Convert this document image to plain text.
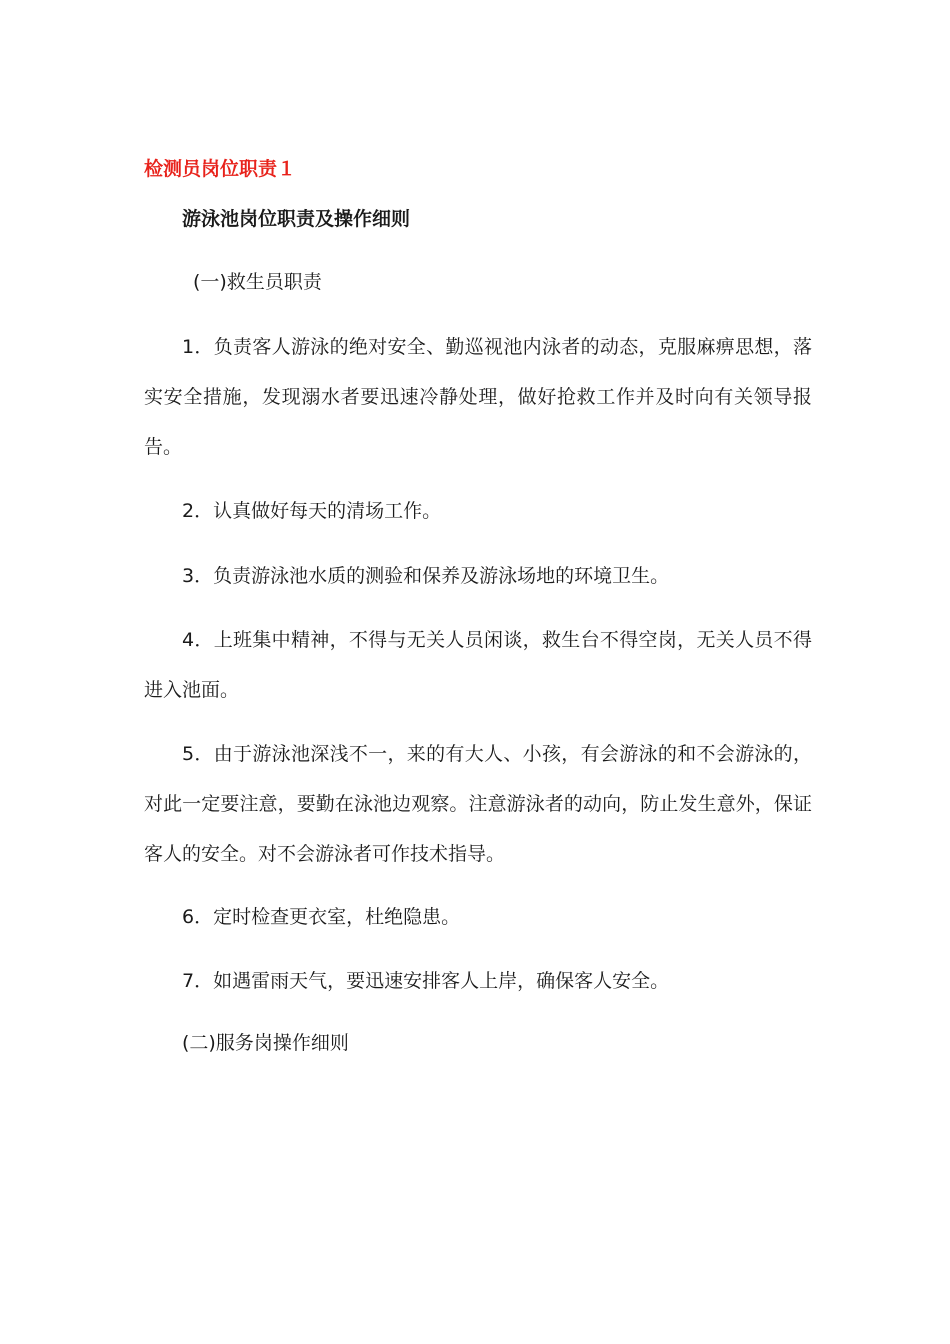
检测员岗位职责１
游泳池岗位职责及操作细则
(一)救生员职责

1．负责客人游泳的绝对安全、勤巡视池内泳者的动态，克服麻痹思想，落实安全措施，发现溺水者要迅速冷静处理，做好抢救工作并及时向有关领导报告。

2．认真做好每天的清场工作。

3．负责游泳池水质的测验和保养及游泳场地的环境卫生。

4．上班集中精神，不得与无关人员闲谈，救生台不得空岗，无关人员不得进入池面。

5．由于游泳池深浅不一，来的有大人、小孩，有会游泳的和不会游泳的，对此一定要注意，要勤在泳池边观察。注意游泳者的动向，防止发生意外，保证客人的安全。对不会游泳者可作技术指导。

6．定时检查更衣室，杜绝隐患。

7．如遇雷雨天气，要迅速安排客人上岸，确保客人安全。

(二)服务岗操作细则
